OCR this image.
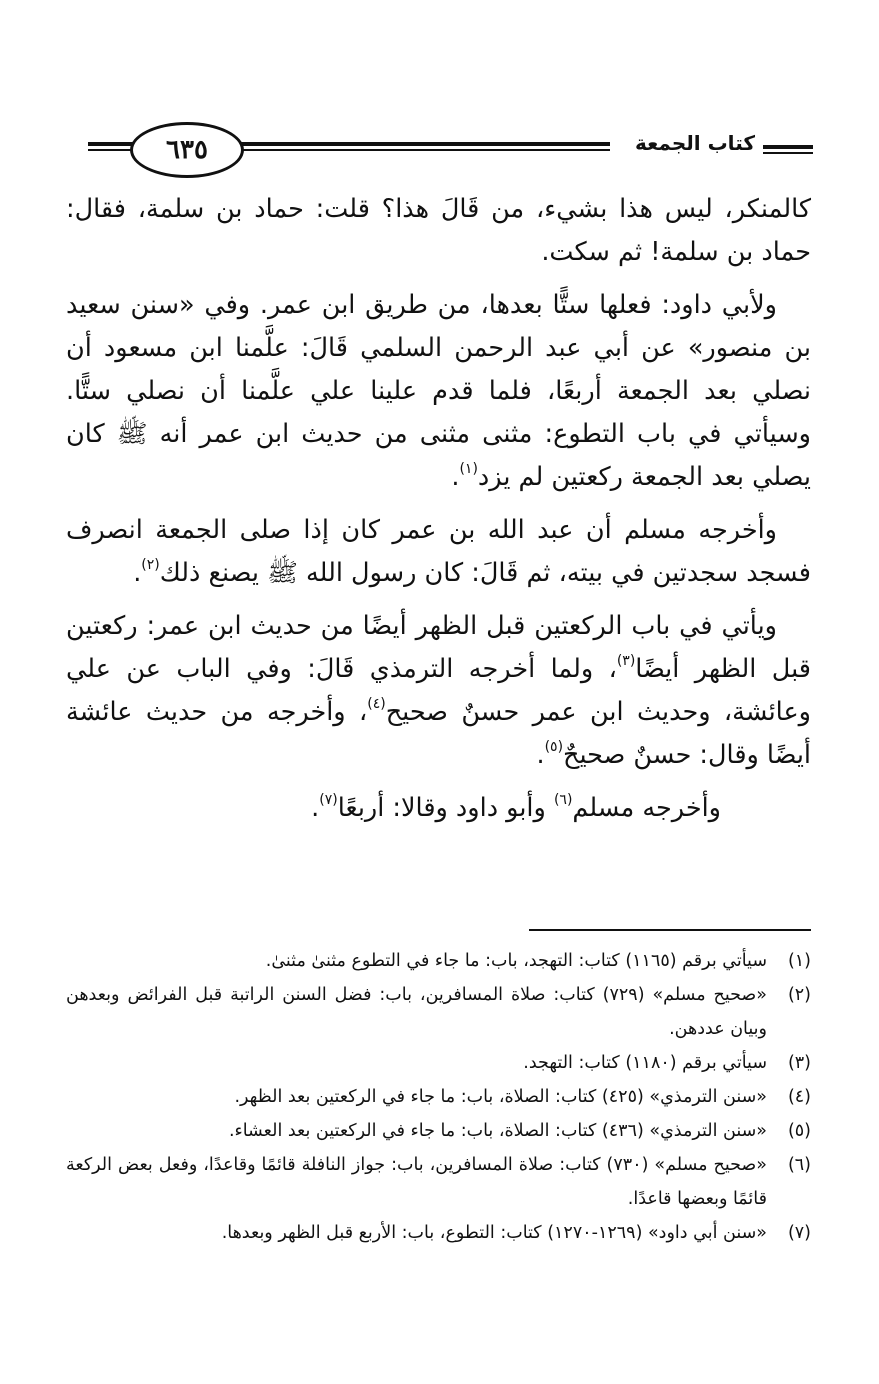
٦٣٥	كتاب الجمعة

كالمنكر، ليس هذا بشيء، من قَالَ هذا؟ قلت: حماد بن سلمة، فقال: حماد بن سلمة! ثم سكت.

ولأبي داود: فعلها ستًّا بعدها، من طريق ابن عمر. وفي «سنن سعيد بن منصور» عن أبي عبد الرحمن السلمي قَالَ: علَّمنا ابن مسعود أن نصلي بعد الجمعة أربعًا، فلما قدم علينا علي علَّمنا أن نصلي ستًّا. وسيأتي في باب التطوع: مثنى مثنى من حديث ابن عمر أنه ﷺ كان يصلي بعد الجمعة ركعتين لم يزد$^{(١)}$.

وأخرجه مسلم أن عبد الله بن عمر كان إذا صلى الجمعة انصرف فسجد سجدتين في بيته، ثم قَالَ: كان رسول الله ﷺ يصنع ذلك$^{(٢)}$.

ويأتي في باب الركعتين قبل الظهر أيضًا من حديث ابن عمر: ركعتين قبل الظهر أيضًا$^{(٣)}$، ولما أخرجه الترمذي قَالَ: وفي الباب عن علي وعائشة، وحديث ابن عمر حسنٌ صحيح$^{(٤)}$، وأخرجه من حديث عائشة أيضًا وقال: حسنٌ صحيحٌ$^{(٥)}$.

وأخرجه مسلم$^{(٦)}$ وأبو داود وقالا: أربعًا$^{(٧)}$.

(١)
سيأتي برقم (١١٦٥) كتاب: التهجد، باب: ما جاء في التطوع مثنىٰ مثنىٰ.
(٢)
«صحيح مسلم» (٧٢٩) كتاب: صلاة المسافرين، باب: فضل السنن الراتبة قبل الفرائض وبعدهن وبيان عددهن.
(٣)
سيأتي برقم (١١٨٠) كتاب: التهجد.
(٤)
«سنن الترمذي» (٤٢٥) كتاب: الصلاة، باب: ما جاء في الركعتين بعد الظهر.
(٥)
«سنن الترمذي» (٤٣٦) كتاب: الصلاة، باب: ما جاء في الركعتين بعد العشاء.
(٦)
«صحيح مسلم» (٧٣٠) كتاب: صلاة المسافرين، باب: جواز النافلة قائمًا وقاعدًا، وفعل بعض الركعة قائمًا وبعضها قاعدًا.
(٧)
«سنن أبي داود» (١٢٦٩-١٢٧٠) كتاب: التطوع، باب: الأربع قبل الظهر وبعدها.
